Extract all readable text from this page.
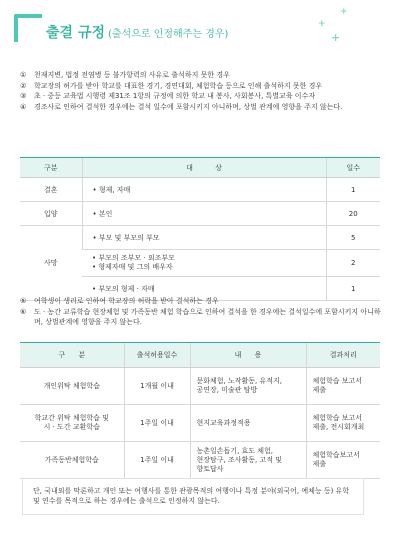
출결 규정 (출석으로 인정해주는 경우)
+
+
+
① 천재지변, 법정 전염병 등 불가항력의 사유로 출석하지 못한 경우
② 학교장의 허가를 받아 학교를 대표한 경기, 경연대회, 체험학습 등으로 인해 출석하지 못한 경우
③ 초 · 중등 교육법 시행령 제31조 1항의 규정에 의한 학교 내 봉사, 사회봉사, 특별교육 이수자
④ 경조사로 인하여 결석한 경우에는 결석 일수에 포함시키지 아니하며, 상벌 관계에 영향을 주지 않는다.
구분	대          상	일수
결혼	• 형제, 자매	1
입양	• 본인	20
사망	• 부모 및 부모의 부모	5
	• 부모의 조부모 · 외조부모
• 형제자매 및 그의 배우자	2
	• 부모의 형제 · 자매	1
⑤ 여학생이 생리로 인하여 학교장의 허락을 받아 결석하는 경우
⑥ 도 · 농간 교류학습 현장체험 및 가족동반 체험 학습으로 인하여 결석을 한 경우에는 결석일수에 포함시키지 아니하며, 상벌관계에 영향을 주지 않는다.
구      분	출석허용일수	내      용	결과처리
개인위탁 체험학습	1개월 이내	문화체험, 노작활동, 유적지,
공연장, 미술관 탐방	체험학습 보고서
제출
학교간 위탁 체험학습 및
시 · 도간 교환학습	1주일 이내	현지교육과정적용	체험학습 보고서
제출, 전시회개최
가족동반체험학습	1주일 이내	농촌일손돕기, 효도 체험,
현장탐구, 조사활동, 고적 및
향토답사	체험학습보고서
제출
단, 국내외를 막론하고 개인 또는 여행사를 통한 관광목적의 여행이나 특정 분야(외국어, 예체능 등) 유학 및 연수를 목적으로 하는 경우에는 출석으로 인정하지 않는다.
